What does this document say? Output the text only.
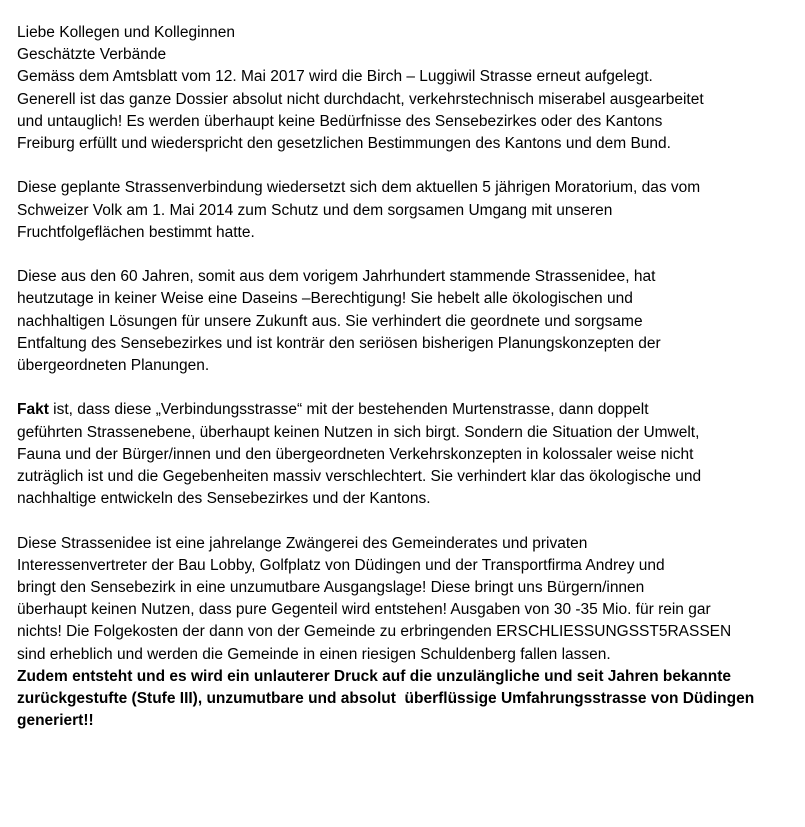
Liebe Kollegen und Kolleginnen
Geschätzte Verbände
Gemäss dem Amtsblatt vom 12. Mai 2017 wird die Birch – Luggiwil Strasse erneut aufgelegt.
Generell ist das ganze Dossier absolut nicht durchdacht, verkehrstechnisch miserabel ausgearbeitet
und untauglich! Es werden überhaupt keine Bedürfnisse des Sensebezirkes oder des Kantons
Freiburg erfüllt und wiederspricht den gesetzlichen Bestimmungen des Kantons und dem Bund.
Diese geplante Strassenverbindung wiedersetzt sich dem aktuellen 5 jährigen Moratorium, das vom
Schweizer Volk am 1. Mai 2014 zum Schutz und dem sorgsamen Umgang mit unseren
Fruchtfolgeflächen bestimmt hatte.
Diese aus den 60 Jahren, somit aus dem vorigem Jahrhundert stammende Strassenidee, hat
heutzutage in keiner Weise eine Daseins –Berechtigung! Sie hebelt alle ökologischen und
nachhaltigen Lösungen für unsere Zukunft aus. Sie verhindert die geordnete und sorgsame
Entfaltung des Sensebezirkes und ist konträr den seriösen bisherigen Planungskonzepten der
übergeordneten Planungen.
Fakt ist, dass diese „Verbindungsstrasse“ mit der bestehenden Murtenstrasse, dann doppelt
geführten Strassenebene, überhaupt keinen Nutzen in sich birgt. Sondern die Situation der Umwelt,
Fauna und der Bürger/innen und den übergeordneten Verkehrskonzepten in kolossaler weise nicht
zuträglich ist und die Gegebenheiten massiv verschlechtert. Sie verhindert klar das ökologische und
nachhaltige entwickeln des Sensebezirkes und der Kantons.
Diese Strassenidee ist eine jahrelange Zwängerei des Gemeinderates und privaten
Interessenvertreter der Bau Lobby, Golfplatz von Düdingen und der Transportfirma Andrey und
bringt den Sensebezirk in eine unzumutbare Ausgangslage! Diese bringt uns Bürgern/innen
überhaupt keinen Nutzen, dass pure Gegenteil wird entstehen! Ausgaben von 30 -35 Mio. für rein gar
nichts! Die Folgekosten der dann von der Gemeinde zu erbringenden ERSCHLIESSUNGSST5RASSEN
sind erheblich und werden die Gemeinde in einen riesigen Schuldenberg fallen lassen.
Zudem entsteht und es wird ein unlauterer Druck auf die unzulängliche und seit Jahren bekannte
zurückgestufte (Stufe III), unzumutbare und absolut  überflüssige Umfahrungsstrasse von Düdingen
generiert!!
